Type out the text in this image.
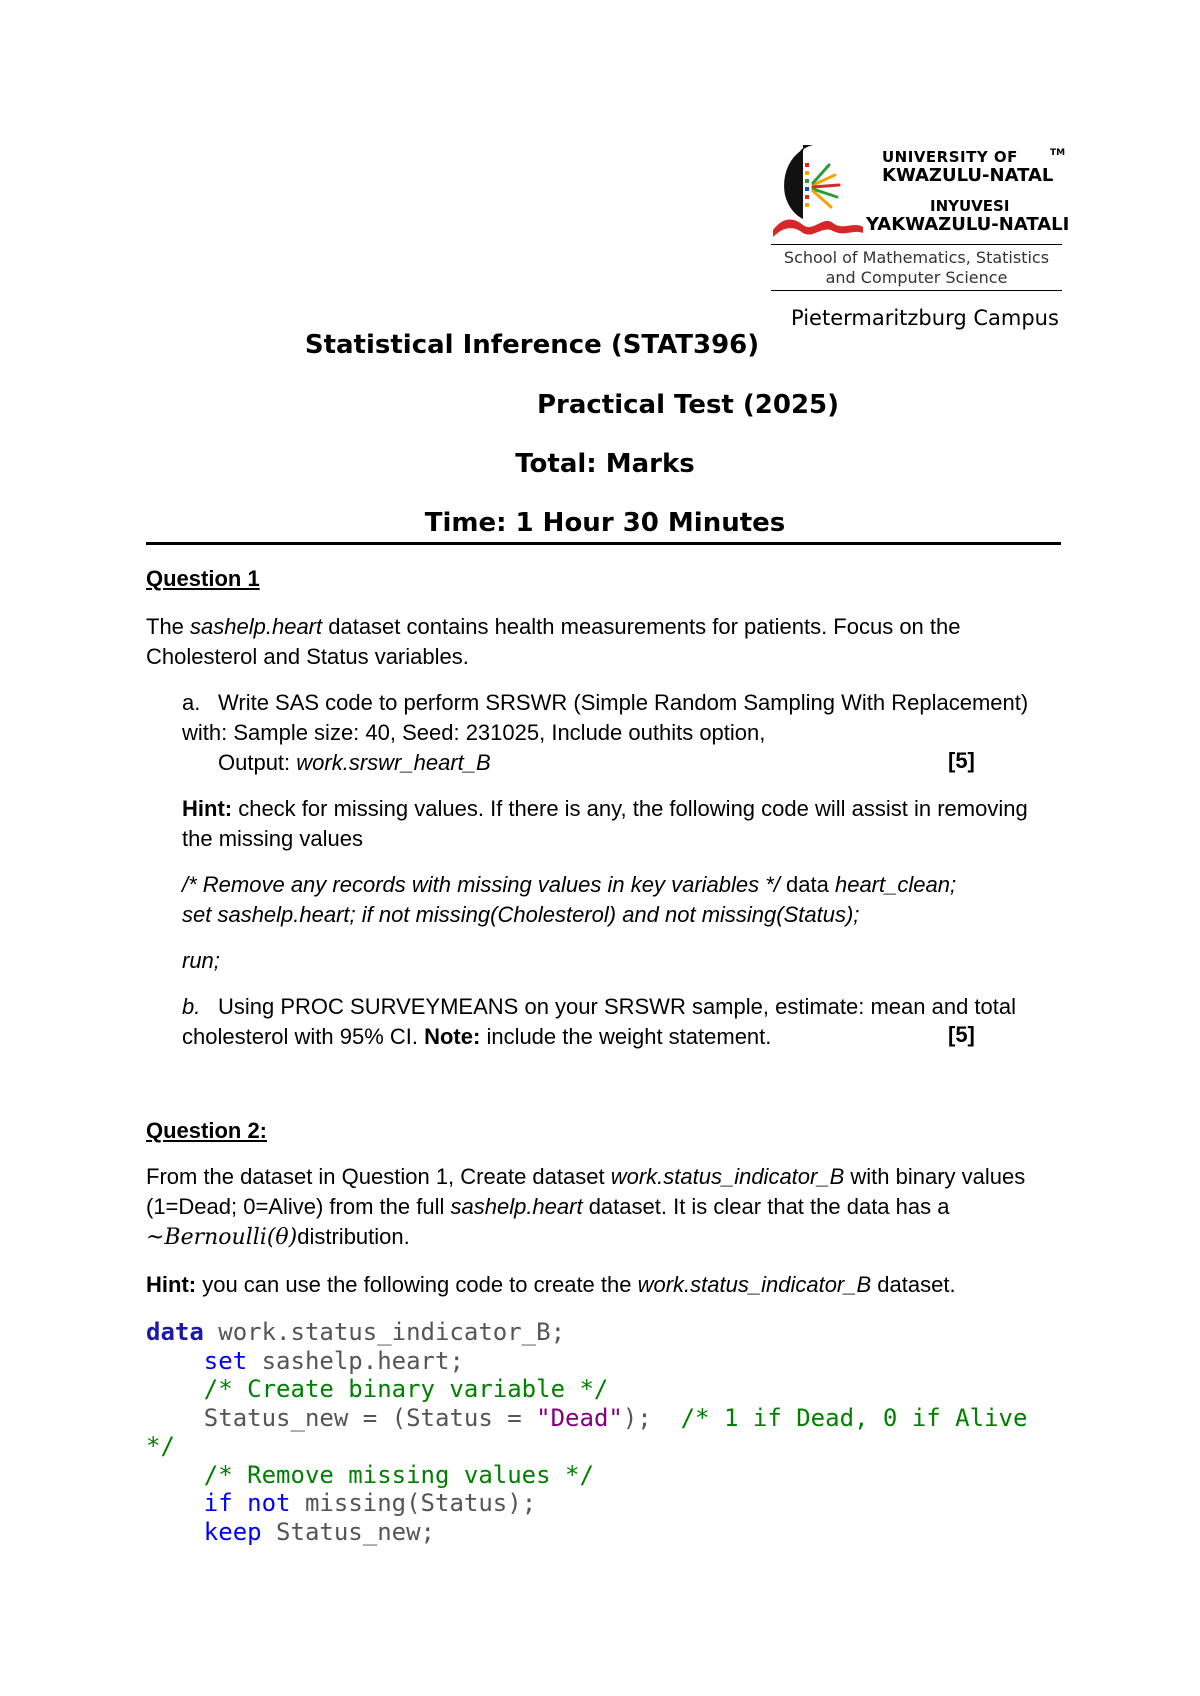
UNIVERSITY OF
KWAZULU-NATAL
INYUVESI
YAKWAZULU-NATALI
TM
School of Mathematics, Statistics
and Computer Science
Pietermaritzburg Campus
Statistical Inference (STAT396)
Practical Test (2025)
Total: Marks
Time: 1 Hour 30 Minutes
Question 1
The sashelp.heart dataset contains health measurements for patients. Focus on the Cholesterol and Status variables.
a. Write SAS code to perform SRSWR (Simple Random Sampling With Replacement) with: Sample size: 40, Seed: 231025, Include outhits option,
Output: work.srswr_heart_B	[5]
Hint: check for missing values. If there is any, the following code will assist in removing the missing values
/* Remove any records with missing values in key variables */ data heart_clean;
set sashelp.heart; if not missing(Cholesterol) and not missing(Status);
run;
b. Using PROC SURVEYMEANS on your SRSWR sample, estimate: mean and total cholesterol with 95% CI. Note: include the weight statement.	[5]
Question 2:
From the dataset in Question 1, Create dataset work.status_indicator_B with binary values (1=Dead; 0=Alive) from the full sashelp.heart dataset. It is clear that the data has a ~Bernoulli(θ)distribution.
Hint: you can use the following code to create the work.status_indicator_B dataset.
data work.status_indicator_B;
set sashelp.heart;
/* Create binary variable */
Status_new = (Status = "Dead");  /* 1 if Dead, 0 if Alive
*/
/* Remove missing values */
if not missing(Status);
keep Status_new;
